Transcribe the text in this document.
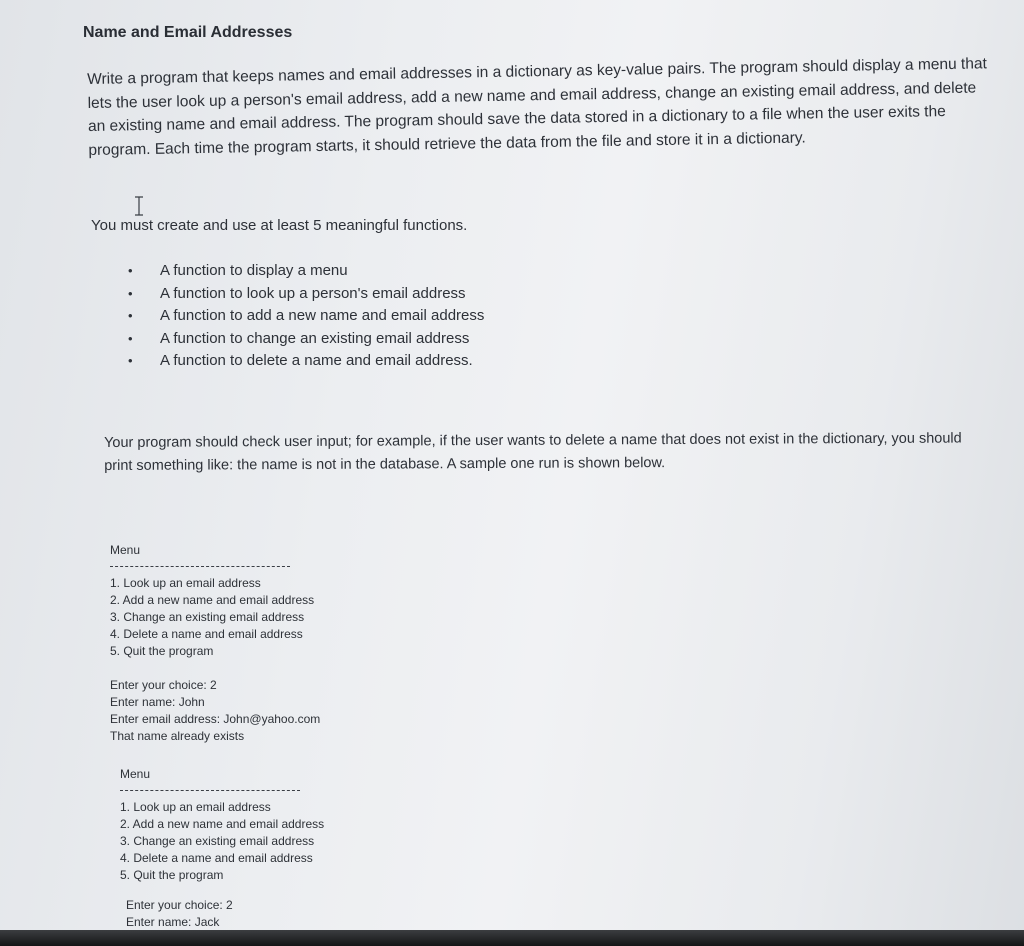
Name and Email Addresses

Write a program that keeps names and email addresses in a dictionary as key-value pairs. The program should display a menu that lets the user look up a person's email address, add a new name and email address, change an existing email address, and delete an existing name and email address. The program should save the data stored in a dictionary to a file when the user exits the program. Each time the program starts, it should retrieve the data from the file and store it in a dictionary.

You must create and use at least 5 meaningful functions.

• A function to display a menu
• A function to look up a person's email address
• A function to add a new name and email address
• A function to change an existing email address
• A function to delete a name and email address.

Your program should check user input; for example, if the user wants to delete a name that does not exist in the dictionary, you should print something like: the name is not in the database. A sample one run is shown below.

Menu
1. Look up an email address
2. Add a new name and email address
3. Change an existing email address
4. Delete a name and email address
5. Quit the program
Enter your choice: 2
Enter name: John
Enter email address: John@yahoo.com
That name already exists
Menu
1. Look up an email address
2. Add a new name and email address
3. Change an existing email address
4. Delete a name and email address
5. Quit the program
Enter your choice: 2
Enter name: Jack
